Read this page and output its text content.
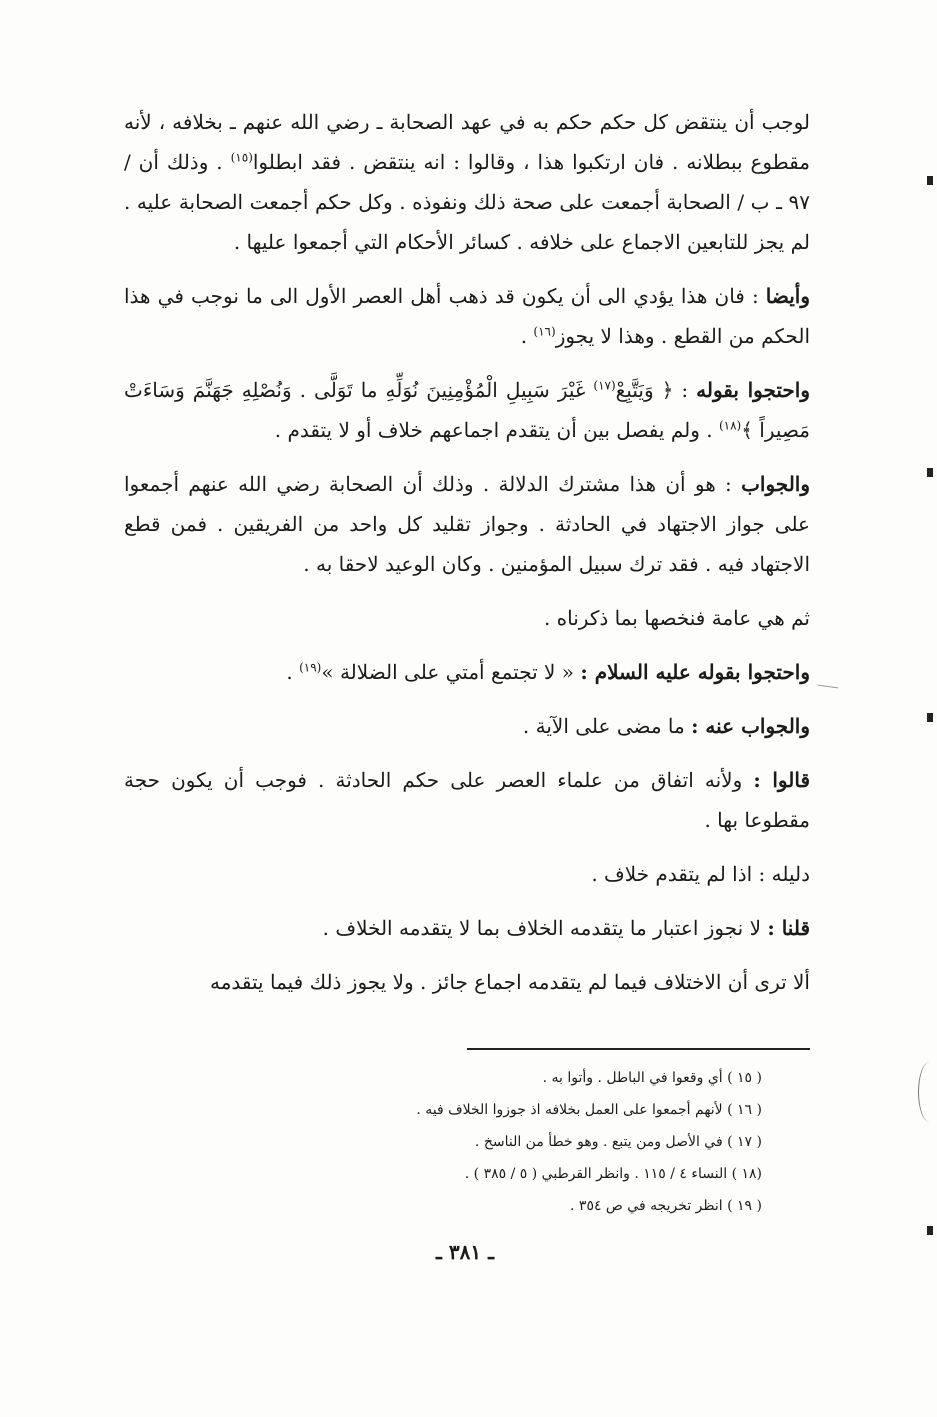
لوجب أن ينتقض كل حكم حكم به في عهد الصحابة ـ رضي الله عنهم ـ بخلافه ، لأنه مقطوع ببطلانه . فان ارتكبوا هذا ، وقالوا : انه ينتقض . فقد ابطلوا$^{(١٥)}$ . وذلك أن / ٩٧ ـ ب / الصحابة أجمعت على صحة ذلك ونفوذه . وكل حكم أجمعت الصحابة عليه . لم يجز للتابعين الاجماع على خلافه . كسائر الأحكام التي أجمعوا عليها .

وأيضا : فان هذا يؤدي الى أن يكون قد ذهب أهل العصر الأول الى ما نوجب في هذا الحكم من القطع . وهذا لا يجوز$^{(١٦)}$ .

واحتجوا بقوله : ﴿ وَيَتَّبِعْ$^{(١٧)}$ غَيْرَ سَبِيلِ الْمُؤْمِنِينَ نُوَلِّهِ ما تَوَلَّى . وَنُصْلِهِ جَهَنَّمَ وَسَاءَتْ مَصِيراً ﴾$^{(١٨)}$ . ولم يفصل بين أن يتقدم اجماعهم خلاف أو لا يتقدم .

والجواب : هو أن هذا مشترك الدلالة . وذلك أن الصحابة رضي الله عنهم أجمعوا على جواز الاجتهاد في الحادثة . وجواز تقليد كل واحد من الفريقين . فمن قطع الاجتهاد فيه . فقد ترك سبيل المؤمنين . وكان الوعيد لاحقا به .

ثم هي عامة فنخصها بما ذكرناه .

واحتجوا بقوله عليه السلام : « لا تجتمع أمتي على الضلالة »$^{(١٩)}$ .

والجواب عنه : ما مضى على الآية .

قالوا : ولأنه اتفاق من علماء العصر على حكم الحادثة . فوجب أن يكون حجة مقطوعا بها .

دليله : اذا لم يتقدم خلاف .

قلنا : لا نجوز اعتبار ما يتقدمه الخلاف بما لا يتقدمه الخلاف .

ألا ترى أن الاختلاف فيما لم يتقدمه اجماع جائز . ولا يجوز ذلك فيما يتقدمه

( ١٥ ) أي وقعوا في الباطل . وأتوا به .
( ١٦ ) لأنهم أجمعوا على العمل بخلافه اذ جوزوا الخلاف فيه .
( ١٧ ) في الأصل ومن يتبع . وهو خطأ من الناسخ .
(١٨ ) النساء ٤ / ١١٥ . وانظر القرطبي ( ٥ / ٣٨٥ ) .
( ١٩ ) انظر تخريجه في ص ٣٥٤ .
ـ ٣٨١ ـ
